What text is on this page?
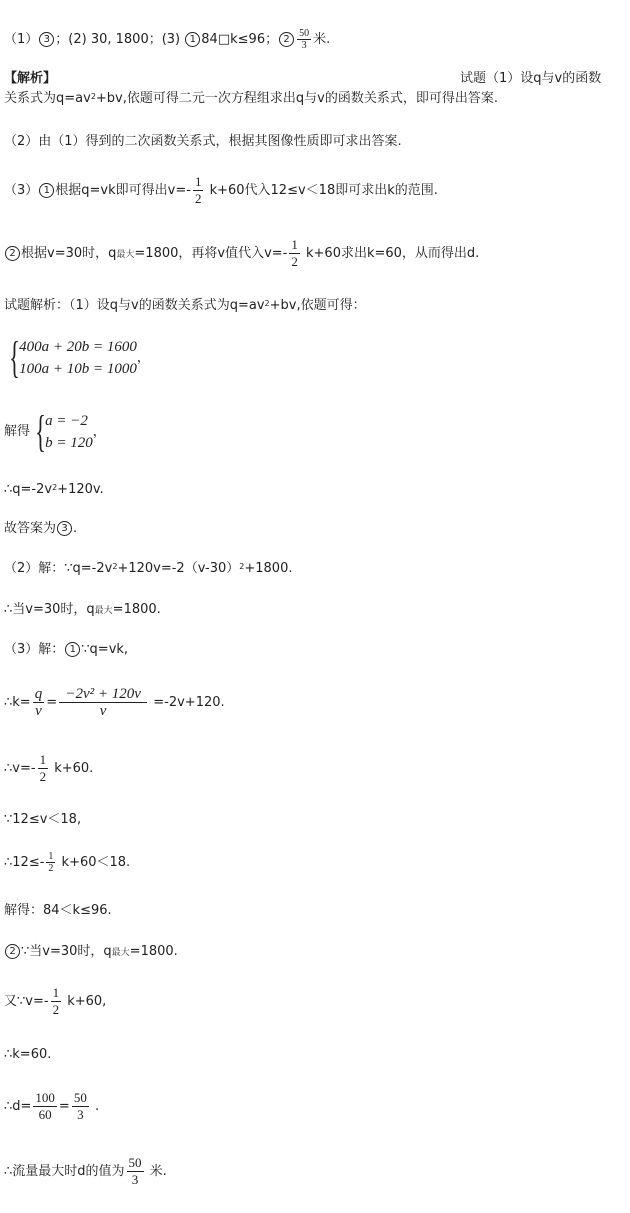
（1） 3 ；(2) 30, 1800；(3) 1 84□k≤96； $2 \frac{50}{3}$ 米.
【解析】	试题（1）设q与v的函数
关系式为$q=av^2+bv$,依题可得二元一次方程组求出q与v的函数关系式，即可得出答案.
（2）由（1）得到的二次函数关系式，根据其图像性质即可求出答案.
（3） 1 根据q=vk即可得出$v=- \frac{1}{2} k+60$代入12≤v＜18即可求出k的范围.
2 根据v=30时，q最大=1800，再将v值代入$v=- \frac{1}{2} k+60$求出k=60，从而得出d.
试题解析：（1）设q与v的函数关系式为$q=av^2+bv$,依题可得：
{ 400a + 20b = 1600
100a + 10b = 1000
，
解得 { a = −2
b = 120
，
$\therefore q=-2v^2+120v$.
故答案为 3 .
（2）解：$\because q=-2v^2+120v=-2(v-30)^2+1800$.
∴当v=30时，q最大=1800.
（3）解： 1 ∵q=vk,
∴k= $\frac{q}{v} = \frac{\text{−2v² + 120v}}{v} =-2v+120$.
∴v=- $\frac{1}{2} k+60$.
∵12≤v＜18,
∴12≤- $\frac{1}{2} k+60<18$.
解得：84＜k≤96.
2 ∵当v=30时，q最大=1800.
又∵v=- $\frac{1}{2} k+60$,
∴k=60.
∴d= $\frac{100}{60} = \frac{50}{3}$ .
∴流量最大时d的值为 $\frac{50}{3}$ 米.
